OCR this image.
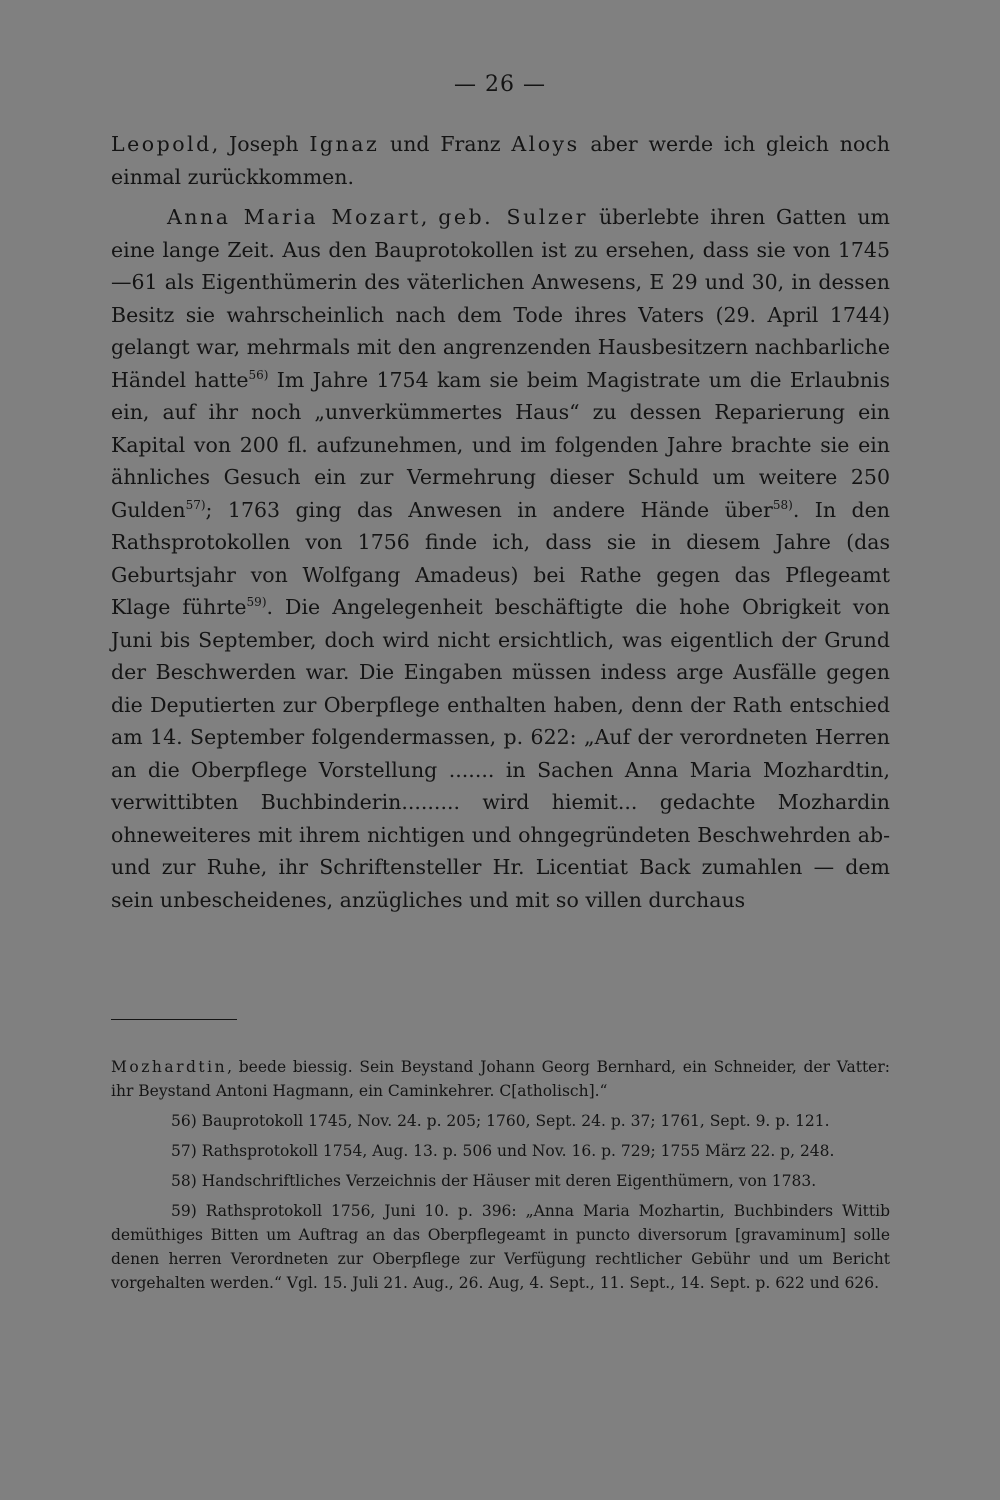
— 26 —

Leopold, Joseph Ignaz und Franz Aloys aber werde ich gleich noch einmal zurückkommen.

Anna Maria Mozart, geb. Sulzer überlebte ihren Gatten um eine lange Zeit. Aus den Bauprotokollen ist zu ersehen, dass sie von 1745—61 als Eigenthümerin des väterlichen Anwesens, E 29 und 30, in dessen Besitz sie wahrscheinlich nach dem Tode ihres Vaters (29. April 1744) gelangt war, mehrmals mit den angrenzenden Hausbesitzern nachbarliche Händel hatte$^{56)}$ Im Jahre 1754 kam sie beim Magistrate um die Erlaubnis ein, auf ihr noch „unverkümmertes Haus“ zu dessen Reparierung ein Kapital von 200 fl. aufzunehmen, und im folgenden Jahre brachte sie ein ähnliches Gesuch ein zur Vermehrung dieser Schuld um weitere 250 Gulden$^{57)}$; 1763 ging das Anwesen in andere Hände über$^{58)}$. In den Rathsprotokollen von 1756 finde ich, dass sie in diesem Jahre (das Geburtsjahr von Wolfgang Amadeus) bei Rathe gegen das Pflegeamt Klage führte$^{59)}$. Die Angelegenheit beschäftigte die hohe Obrigkeit von Juni bis September, doch wird nicht ersichtlich, was eigentlich der Grund der Beschwerden war. Die Eingaben müssen indess arge Ausfälle gegen die Deputierten zur Oberpflege enthalten haben, denn der Rath entschied am 14. September folgendermassen, p. 622: „Auf der verordneten Herren an die Oberpflege Vorstellung ....... in Sachen Anna Maria Mozhardtin, verwittibten Buchbinderin......... wird hiemit... gedachte Mozhardin ohneweiteres mit ihrem nichtigen und ohngegründeten Beschwehrden ab- und zur Ruhe, ihr Schriftensteller Hr. Licentiat Back zumahlen — dem sein unbescheidenes, anzügliches und mit so villen durchaus

Mozhardtin, beede biessig. Sein Beystand Johann Georg Bernhard, ein Schneider, der Vatter: ihr Beystand Antoni Hagmann, ein Caminkehrer. C[atholisch].“

56) Bauprotokoll 1745, Nov. 24. p. 205; 1760, Sept. 24. p. 37; 1761, Sept. 9. p. 121.

57) Rathsprotokoll 1754, Aug. 13. p. 506 und Nov. 16. p. 729; 1755 März 22. p, 248.

58) Handschriftliches Verzeichnis der Häuser mit deren Eigenthümern, von 1783.

59) Rathsprotokoll 1756, Juni 10. p. 396: „Anna Maria Mozhartin, Buchbinders Wittib demüthiges Bitten um Auftrag an das Oberpflegeamt in puncto diversorum [gravaminum] solle denen herren Verordneten zur Oberpflege zur Verfügung rechtlicher Gebühr und um Bericht vorgehalten werden.“ Vgl. 15. Juli 21. Aug., 26. Aug, 4. Sept., 11. Sept., 14. Sept. p. 622 und 626.
